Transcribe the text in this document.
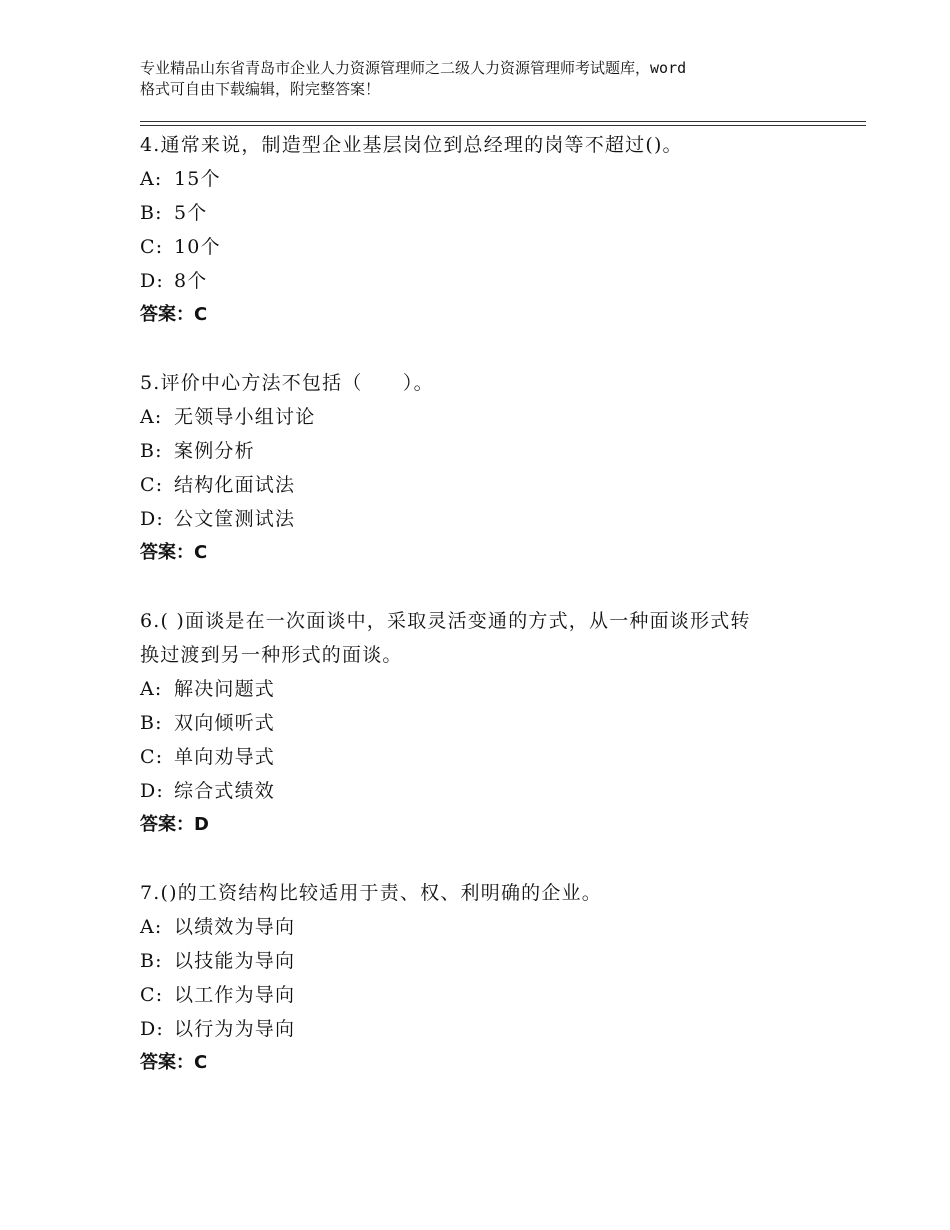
专业精品山东省青岛市企业人力资源管理师之二级人力资源管理师考试题库，word
格式可自由下载编辑，附完整答案！
4.通常来说，制造型企业基层岗位到总经理的岗等不超过()。
A: 15个
B: 5个
C: 10个
D: 8个
答案：C
5.评价中心方法不包括（　　）。
A: 无领导小组讨论
B: 案例分析
C: 结构化面试法
D: 公文筐测试法
答案：C
6.( )面谈是在一次面谈中，采取灵活变通的方式，从一种面谈形式转
换过渡到另一种形式的面谈。
A: 解决问题式
B: 双向倾听式
C: 单向劝导式
D: 综合式绩效
答案：D
7.()的工资结构比较适用于责、权、利明确的企业。
A: 以绩效为导向
B: 以技能为导向
C: 以工作为导向
D: 以行为为导向
答案：C
